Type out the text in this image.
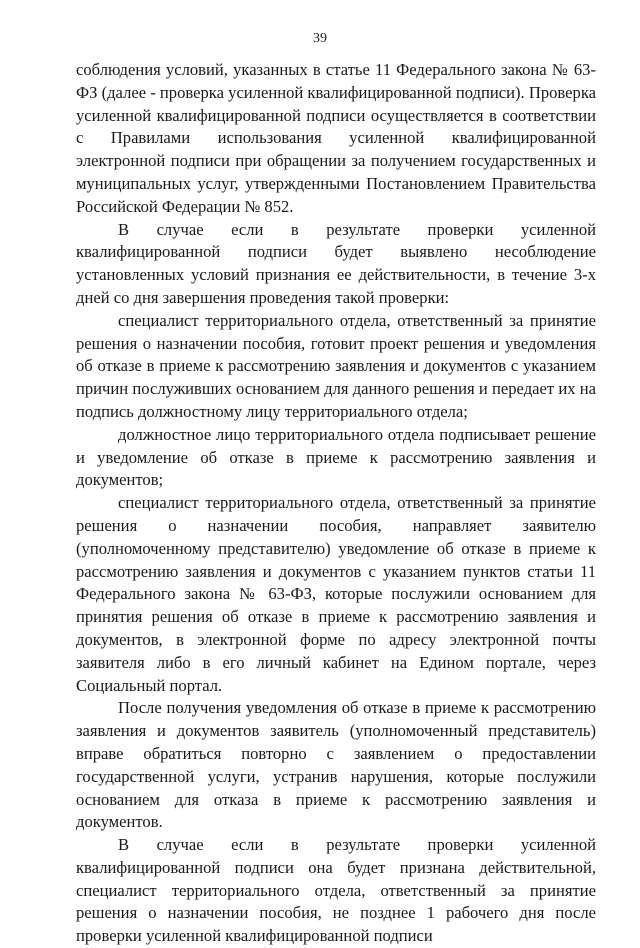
39

соблюдения условий, указанных в статье 11 Федерального закона № 63-ФЗ (далее - проверка усиленной квалифицированной подписи). Проверка усиленной квалифицированной подписи осуществляется в соответствии с Правилами использования усиленной квалифицированной электронной подписи при обращении за получением государственных и муниципальных услуг, утвержденными Постановлением Правительства Российской Федерации № 852.

В случае если в результате проверки усиленной квалифицированной подписи будет выявлено несоблюдение установленных условий признания ее действительности, в течение 3-х дней со дня завершения проведения такой проверки:

специалист территориального отдела, ответственный за принятие решения о назначении пособия, готовит проект решения и уведомления об отказе в приеме к рассмотрению заявления и документов с указанием причин послуживших основанием для данного решения и передает их на подпись должностному лицу территориального отдела;

должностное лицо территориального отдела подписывает решение и уведомление об отказе в приеме к рассмотрению заявления и документов;

специалист территориального отдела, ответственный за принятие решения о назначении пособия, направляет заявителю (уполномоченному представителю) уведомление об отказе в приеме к рассмотрению заявления и документов с указанием пунктов статьи 11 Федерального закона № 63-ФЗ, которые послужили основанием для принятия решения об отказе в приеме к рассмотрению заявления и документов, в электронной форме по адресу электронной почты заявителя либо в его личный кабинет на Едином портале, через Социальный портал.

После получения уведомления об отказе в приеме к рассмотрению заявления и документов заявитель (уполномоченный представитель) вправе обратиться повторно с заявлением о предоставлении государственной услуги, устранив нарушения, которые послужили основанием для отказа в приеме к рассмотрению заявления и документов.

В случае если в результате проверки усиленной квалифицированной подписи она будет признана действительной, специалист территориального отдела, ответственный за принятие решения о назначении пособия, не позднее 1 рабочего дня после проверки усиленной квалифицированной подписи
